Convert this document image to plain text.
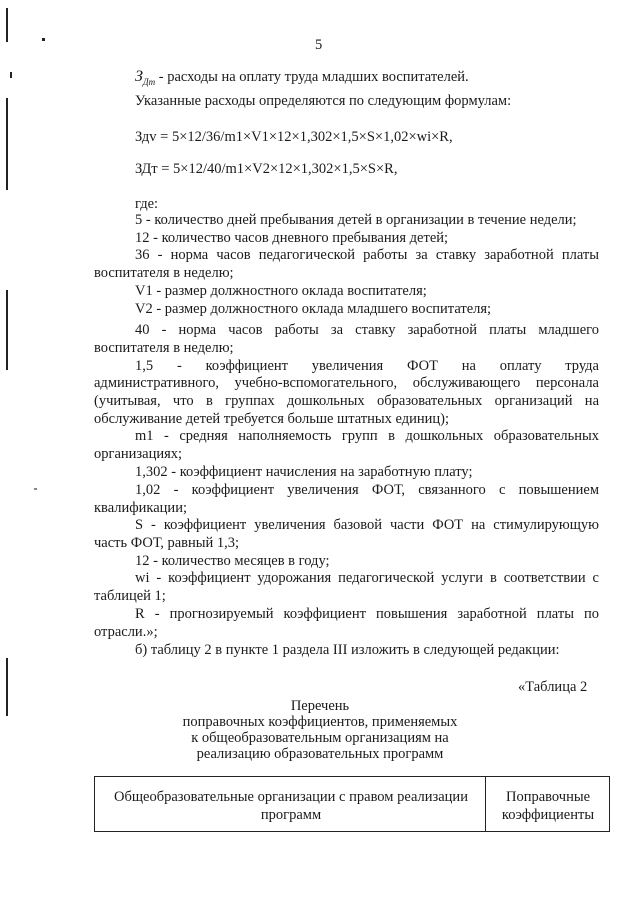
5
$З_{Дт}$ - расходы на оплату труда младших воспитателей.
Указанные расходы определяются по следующим формулам:
Здv = 5×12/36/m1×V1×12×1,302×1,5×S×1,02×wi×R,
ЗДт = 5×12/40/m1×V2×12×1,302×1,5×S×R,
где:
5 - количество дней пребывания детей в организации в течение недели;
12 - количество часов дневного пребывания детей;
36 - норма часов педагогической работы за ставку заработной платы
воспитателя в неделю;
V1 - размер должностного оклада воспитателя;
V2 - размер должностного оклада младшего воспитателя;
40 - норма часов работы за ставку заработной платы младшего
воспитателя в неделю;
1,5 - коэффициент увеличения ФОТ на оплату труда
административного, учебно-вспомогательного, обслуживающего персонала
(учитывая, что в группах дошкольных образовательных организаций на
обслуживание детей требуется больше штатных единиц);
m1 - средняя наполняемость групп в дошкольных образовательных
организациях;
1,302 - коэффициент начисления на заработную плату;
1,02 - коэффициент увеличения ФОТ, связанного с повышением
квалификации;
S - коэффициент увеличения базовой части ФОТ на стимулирующую
часть ФОТ, равный 1,3;
12 - количество месяцев в году;
wi - коэффициент удорожания педагогической услуги в соответствии с
таблицей 1;
R - прогнозируемый коэффициент повышения заработной платы по
отрасли.»;
б) таблицу 2 в пункте 1 раздела III изложить в следующей редакции:
«Таблица 2
Перечень
поправочных коэффициентов, применяемых
к общеобразовательным организациям на
реализацию образовательных программ
Общеобразовательные организации с правом реализации программ
Поправочные коэффициенты
